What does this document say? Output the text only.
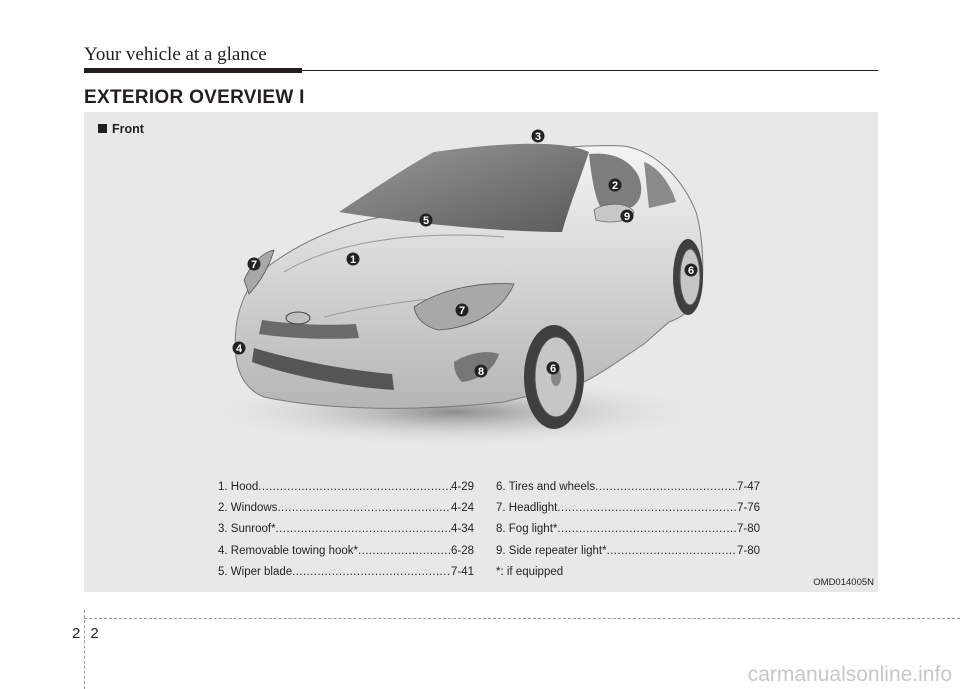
Your vehicle at a glance
EXTERIOR OVERVIEW I
Front
1
2
3
4
5
6
6
7
7
8
9
1. Hood .....	4-29
2. Windows .....	4-24
3. Sunroof* .....	4-34
4. Removable towing hook* .....	6-28
5. Wiper blade .....	7-41
6. Tires and wheels .....	7-47
7. Headlight .....	7-76
8. Fog light* .....	7-80
9. Side repeater light* .....	7-80
*: if equipped
OMD014005N
22
carmanualsonline.info
